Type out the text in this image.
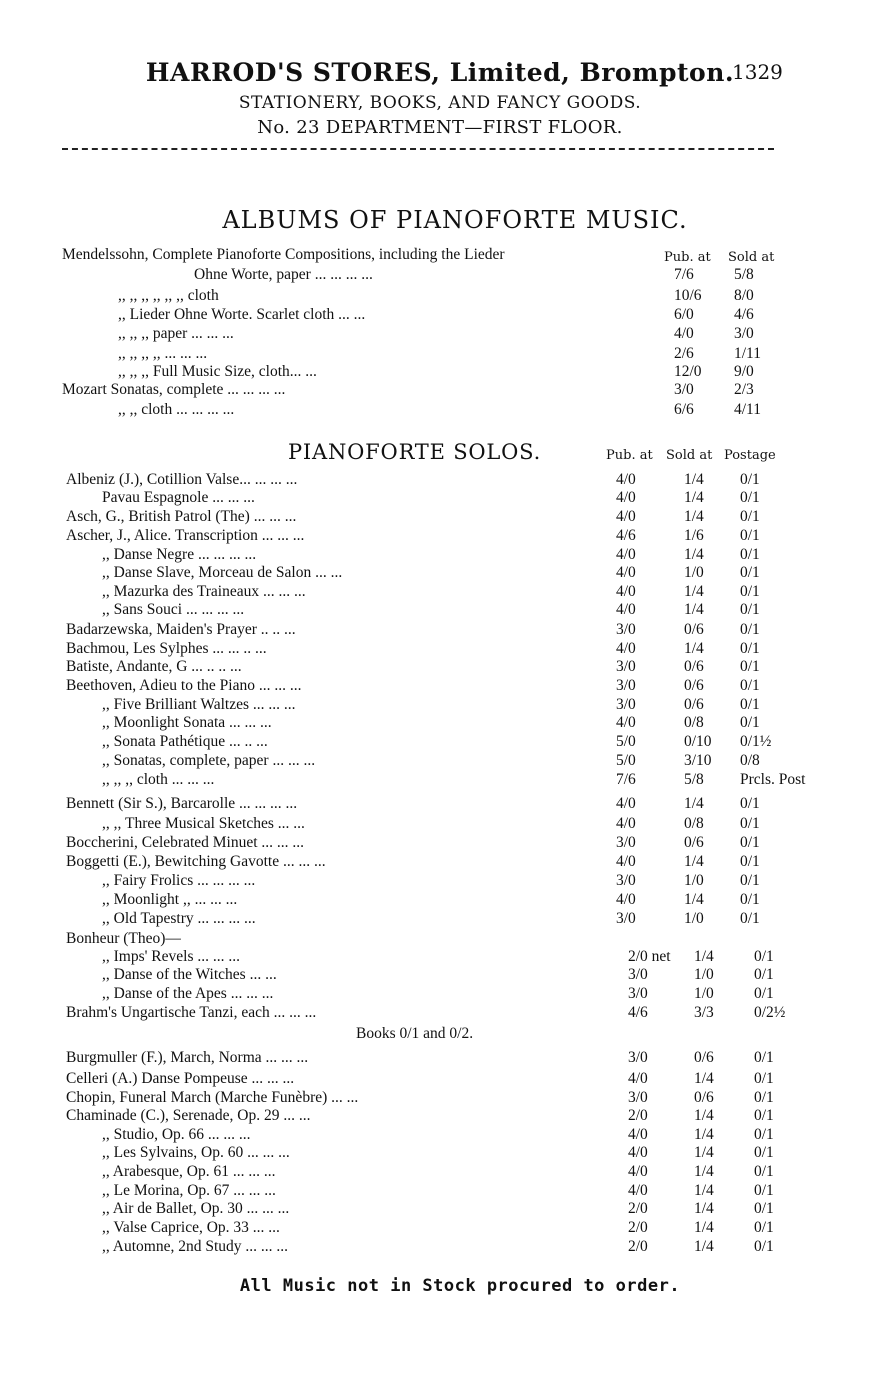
HARROD'S STORES, Limited, Brompton.
1329
STATIONERY, BOOKS, AND FANCY GOODS.
No. 23 DEPARTMENT—FIRST FLOOR.
ALBUMS OF PIANOFORTE MUSIC.
Mendelssohn, Complete Pianoforte Compositions, including the Lieder	Pub. at Sold at
Ohne Worte, paper ... ... ... ...	7/6	5/8
,, ,, ,, ,, ,, ,, cloth	10/6 8/0
,, Lieder Ohne Worte. Scarlet cloth ... ...	6/0	4/6
,, ,, ,, paper ... ... ...	4/0	3/0
,, ,, ,, ,, ... ... ...	2/6	1/11
,, ,, ,, Full Music Size, cloth... ...	12/0 9/0
Mozart Sonatas, complete ... ... ... ...	3/0	2/3
,, ,, cloth ... ... ... ...	6/6	4/11
PIANOFORTE SOLOS.	Pub. at Sold at Postage
Albeniz (J.), Cotillion Valse... ... ... ...	4/0	1/4 0/1
Pavau Espagnole ... ... ...	4/0	1/4 0/1
Asch, G., British Patrol (The) ... ... ...	4/0	1/4 0/1
Ascher, J., Alice. Transcription ... ... ...	4/6	1/6 0/1
,, Danse Negre ... ... ... ...	4/0	1/4 0/1
,, Danse Slave, Morceau de Salon ... ...	4/0	1/0 0/1
,, Mazurka des Traineaux ... ... ...	4/0	1/4 0/1
,, Sans Souci ... ... ... ...	4/0	1/4 0/1
Badarzewska, Maiden's Prayer .. .. ...	3/0	0/6 0/1
Bachmou, Les Sylphes ... ... .. ...	4/0	1/4 0/1
Batiste, Andante, G ... .. .. ...	3/0	0/6 0/1
Beethoven, Adieu to the Piano ... ... ...	3/0	0/6 0/1
,, Five Brilliant Waltzes ... ... ...	3/0	0/6 0/1
,, Moonlight Sonata ... ... ...	4/0	0/8 0/1
,, Sonata Pathétique ... .. ...	5/0	0/10 0/1½
,, Sonatas, complete, paper ... ... ...	5/0	3/10 0/8
,, ,, ,, cloth ... ... ...	7/6	5/8 Prcls. Post
Bennett (Sir S.), Barcarolle ... ... ... ...	4/0	1/4 0/1
,, ,, Three Musical Sketches ... ...	4/0	0/8 0/1
Boccherini, Celebrated Minuet ... ... ...	3/0	0/6 0/1
Boggetti (E.), Bewitching Gavotte ... ... ...	4/0	1/4 0/1
,, Fairy Frolics ... ... ... ...	3/0	1/0 0/1
,, Moonlight ,, ... ... ...	4/0	1/4 0/1
,, Old Tapestry ... ... ... ...	3/0	1/0 0/1
Bonheur (Theo)—
,, Imps' Revels ... ... ...	2/0 net 1/4	0/1
,, Danse of the Witches ... ...	3/0	1/0	0/1
,, Danse of the Apes ... ... ...	3/0	1/0	0/1
Brahm's Ungartische Tanzi, each ... ... ...	4/6	3/3	0/2½
Books 0/1 and 0/2.
Burgmuller (F.), March, Norma ... ... ...	3/0	0/6	0/1
Celleri (A.) Danse Pompeuse ... ... ...	4/0	1/4	0/1
Chopin, Funeral March (Marche Funèbre) ... ...	3/0	0/6	0/1
Chaminade (C.), Serenade, Op. 29 ... ...	2/0	1/4	0/1
,, Studio, Op. 66 ... ... ...	4/0	1/4	0/1
,, Les Sylvains, Op. 60 ... ... ...	4/0	1/4	0/1
,, Arabesque, Op. 61 ... ... ...	4/0	1/4	0/1
,, Le Morina, Op. 67 ... ... ...	4/0	1/4	0/1
,, Air de Ballet, Op. 30 ... ... ...	2/0	1/4	0/1
,, Valse Caprice, Op. 33 ... ...	2/0	1/4	0/1
,, Automne, 2nd Study ... ... ...	2/0	1/4	0/1
All Music not in Stock procured to order.
